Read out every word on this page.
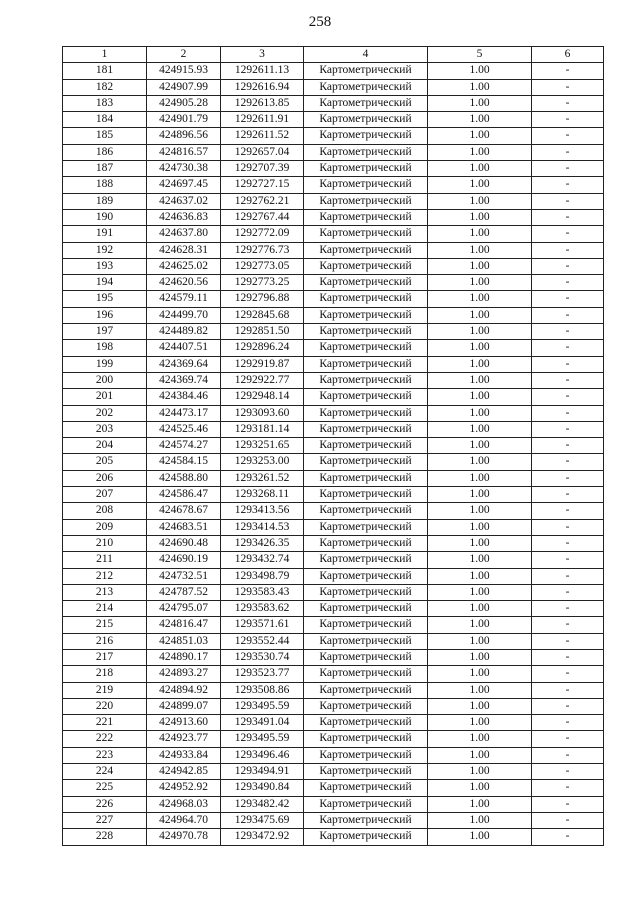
258
1	2	3	4	5	6
181	424915.93	1292611.13	Картометрический	1.00	-
182	424907.99	1292616.94	Картометрический	1.00	-
183	424905.28	1292613.85	Картометрический	1.00	-
184	424901.79	1292611.91	Картометрический	1.00	-
185	424896.56	1292611.52	Картометрический	1.00	-
186	424816.57	1292657.04	Картометрический	1.00	-
187	424730.38	1292707.39	Картометрический	1.00	-
188	424697.45	1292727.15	Картометрический	1.00	-
189	424637.02	1292762.21	Картометрический	1.00	-
190	424636.83	1292767.44	Картометрический	1.00	-
191	424637.80	1292772.09	Картометрический	1.00	-
192	424628.31	1292776.73	Картометрический	1.00	-
193	424625.02	1292773.05	Картометрический	1.00	-
194	424620.56	1292773.25	Картометрический	1.00	-
195	424579.11	1292796.88	Картометрический	1.00	-
196	424499.70	1292845.68	Картометрический	1.00	-
197	424489.82	1292851.50	Картометрический	1.00	-
198	424407.51	1292896.24	Картометрический	1.00	-
199	424369.64	1292919.87	Картометрический	1.00	-
200	424369.74	1292922.77	Картометрический	1.00	-
201	424384.46	1292948.14	Картометрический	1.00	-
202	424473.17	1293093.60	Картометрический	1.00	-
203	424525.46	1293181.14	Картометрический	1.00	-
204	424574.27	1293251.65	Картометрический	1.00	-
205	424584.15	1293253.00	Картометрический	1.00	-
206	424588.80	1293261.52	Картометрический	1.00	-
207	424586.47	1293268.11	Картометрический	1.00	-
208	424678.67	1293413.56	Картометрический	1.00	-
209	424683.51	1293414.53	Картометрический	1.00	-
210	424690.48	1293426.35	Картометрический	1.00	-
211	424690.19	1293432.74	Картометрический	1.00	-
212	424732.51	1293498.79	Картометрический	1.00	-
213	424787.52	1293583.43	Картометрический	1.00	-
214	424795.07	1293583.62	Картометрический	1.00	-
215	424816.47	1293571.61	Картометрический	1.00	-
216	424851.03	1293552.44	Картометрический	1.00	-
217	424890.17	1293530.74	Картометрический	1.00	-
218	424893.27	1293523.77	Картометрический	1.00	-
219	424894.92	1293508.86	Картометрический	1.00	-
220	424899.07	1293495.59	Картометрический	1.00	-
221	424913.60	1293491.04	Картометрический	1.00	-
222	424923.77	1293495.59	Картометрический	1.00	-
223	424933.84	1293496.46	Картометрический	1.00	-
224	424942.85	1293494.91	Картометрический	1.00	-
225	424952.92	1293490.84	Картометрический	1.00	-
226	424968.03	1293482.42	Картометрический	1.00	-
227	424964.70	1293475.69	Картометрический	1.00	-
228	424970.78	1293472.92	Картометрический	1.00	-
